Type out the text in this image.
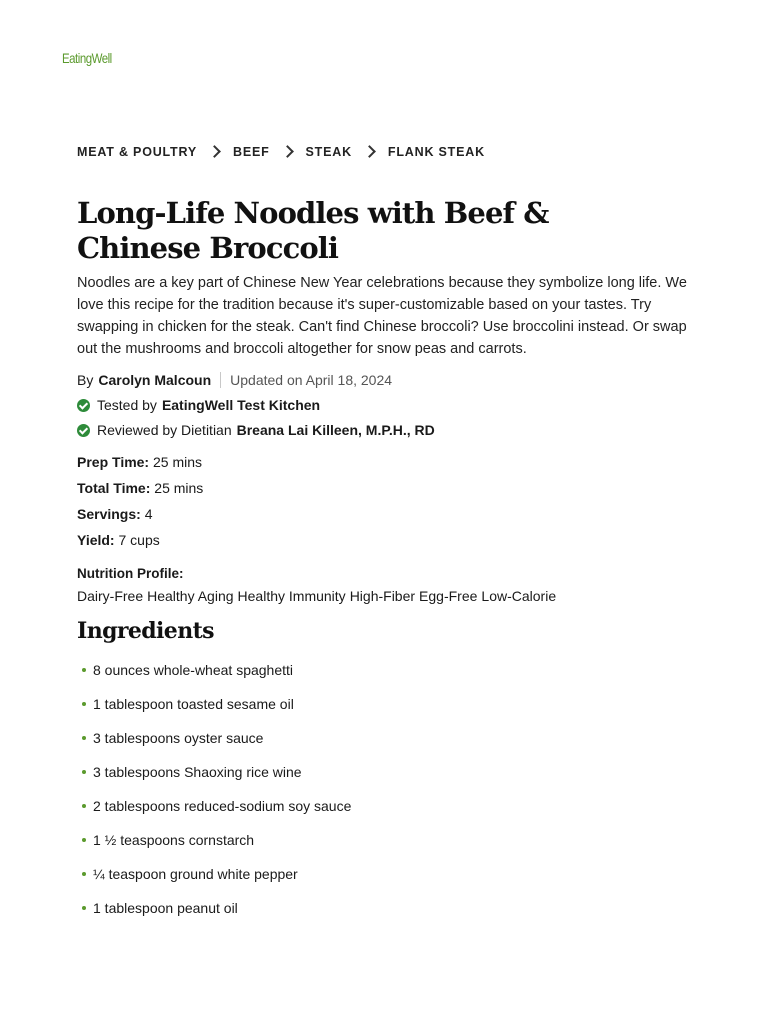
EatingWell
MEAT & POULTRY	BEEF	STEAK	FLANK STEAK
Long-Life Noodles with Beef & Chinese Broccoli

Noodles are a key part of Chinese New Year celebrations because they symbolize long life. We love this recipe for the tradition because it's super-customizable based on your tastes. Try swapping in chicken for the steak. Can't find Chinese broccoli? Use broccolini instead. Or swap out the mushrooms and broccoli altogether for snow peas and carrots.

By Carolyn Malcoun Updated on April 18, 2024
Tested by EatingWell Test Kitchen
Reviewed by Dietitian Breana Lai Killeen, M.P.H., RD
Prep Time: 25 mins
Total Time: 25 mins
Servings: 4
Yield: 7 cups
Nutrition Profile:
Dairy-Free Healthy Aging Healthy Immunity High-Fiber Egg-Free Low-Calorie
Ingredients
8 ounces whole-wheat spaghetti
1 tablespoon toasted sesame oil
3 tablespoons oyster sauce
3 tablespoons Shaoxing rice wine
2 tablespoons reduced-sodium soy sauce
1 ½ teaspoons cornstarch
¼ teaspoon ground white pepper
1 tablespoon peanut oil
